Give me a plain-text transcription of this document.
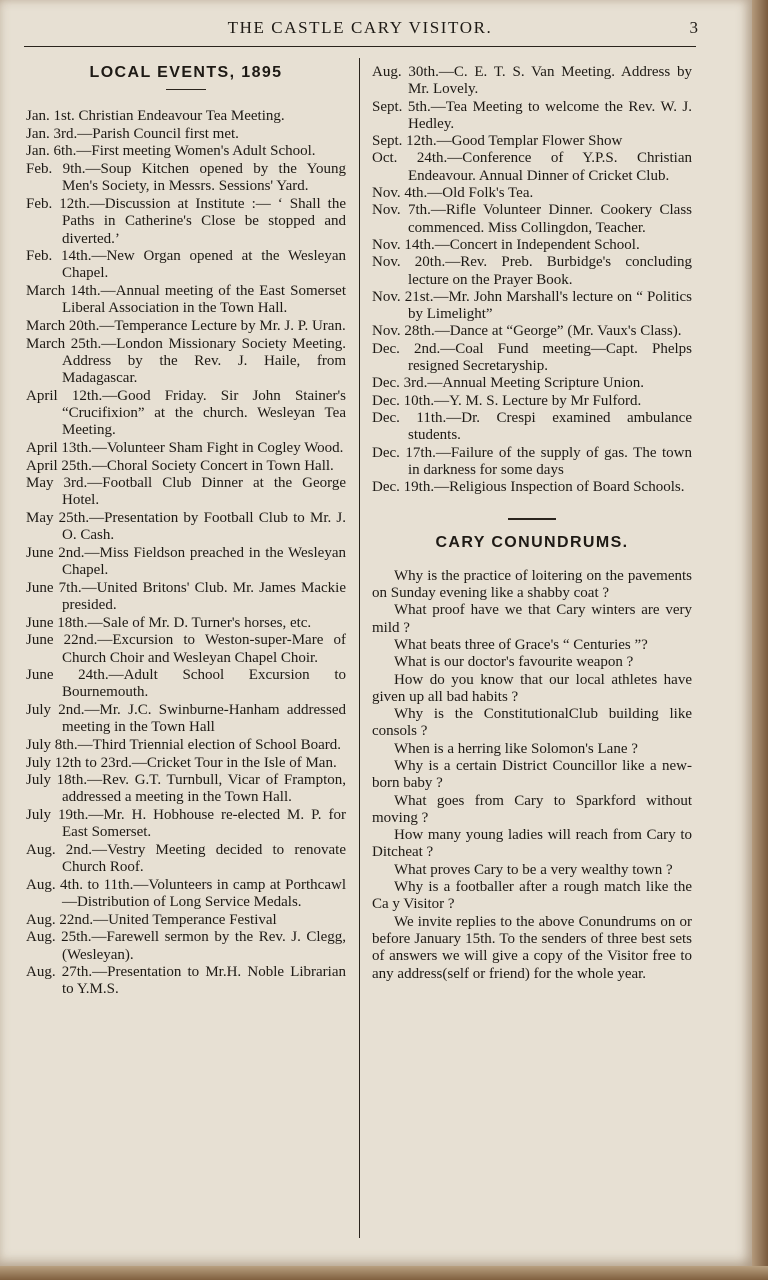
THE CASTLE CARY VISITOR.	3
LOCAL EVENTS, 1895

Jan. 1st. Christian Endeavour Tea Meeting.

Jan. 3rd.—Parish Council first met.

Jan. 6th.—First meeting Women's Adult School.

Feb. 9th.—Soup Kitchen opened by the Young Men's Society, in Messrs. Sessions' Yard.

Feb. 12th.—Discussion at Institute :— ‘ Shall the Paths in Catherine's Close be stopped and diverted.’

Feb. 14th.—New Organ opened at the Wesleyan Chapel.

March 14th.—Annual meeting of the East Somerset Liberal Association in the Town Hall.

March 20th.—Temperance Lecture by Mr. J. P. Uran.

March 25th.—London Missionary Society Meeting. Address by the Rev. J. Haile, from Madagascar.

April 12th.—Good Friday. Sir John Stainer's “Crucifixion” at the church. Wesleyan Tea Meeting.

April 13th.—Volunteer Sham Fight in Cogley Wood.

April 25th.—Choral Society Concert in Town Hall.

May 3rd.—Football Club Dinner at the George Hotel.

May 25th.—Presentation by Football Club to Mr. J. O. Cash.

June 2nd.—Miss Fieldson preached in the Wesleyan Chapel.

June 7th.—United Britons' Club. Mr. James Mackie presided.

June 18th.—Sale of Mr. D. Turner's horses, etc.

June 22nd.—Excursion to Weston-super-Mare of Church Choir and Wesleyan Chapel Choir.

June 24th.—Adult School Excursion to Bournemouth.

July 2nd.—Mr. J.C. Swinburne-Hanham addressed meeting in the Town Hall

July 8th.—Third Triennial election of School Board.

July 12th to 23rd.—Cricket Tour in the Isle of Man.

July 18th.—Rev. G.T. Turnbull, Vicar of Frampton, addressed a meeting in the Town Hall.

July 19th.—Mr. H. Hobhouse re-elected M. P. for East Somerset.

Aug. 2nd.—Vestry Meeting decided to renovate Church Roof.

Aug. 4th. to 11th.—Volunteers in camp at Porthcawl—Distribution of Long Service Medals.

Aug. 22nd.—United Temperance Festival

Aug. 25th.—Farewell sermon by the Rev. J. Clegg, (Wesleyan).

Aug. 27th.—Presentation to Mr.H. Noble Librarian to Y.M.S.

Aug. 30th.—C. E. T. S. Van Meeting. Address by Mr. Lovely.

Sept. 5th.—Tea Meeting to welcome the Rev. W. J. Hedley.

Sept. 12th.—Good Templar Flower Show

Oct. 24th.—Conference of Y.P.S. Christian Endeavour. Annual Dinner of Cricket Club.

Nov. 4th.—Old Folk's Tea.

Nov. 7th.—Rifle Volunteer Dinner. Cookery Class commenced. Miss Collingdon, Teacher.

Nov. 14th.—Concert in Independent School.

Nov. 20th.—Rev. Preb. Burbidge's concluding lecture on the Prayer Book.

Nov. 21st.—Mr. John Marshall's lecture on “ Politics by Limelight”

Nov. 28th.—Dance at “George” (Mr. Vaux's Class).

Dec. 2nd.—Coal Fund meeting—Capt. Phelps resigned Secretaryship.

Dec. 3rd.—Annual Meeting Scripture Union.

Dec. 10th.—Y. M. S. Lecture by Mr Fulford.

Dec. 11th.—Dr. Crespi examined ambulance students.

Dec. 17th.—Failure of the supply of gas. The town in darkness for some days

Dec. 19th.—Religious Inspection of Board Schools.

CARY CONUNDRUMS.

Why is the practice of loitering on the pavements on Sunday evening like a shabby coat ?

What proof have we that Cary winters are very mild ?

What beats three of Grace's “ Centuries ”?

What is our doctor's favourite weapon ?

How do you know that our local athletes have given up all bad habits ?

Why is the ConstitutionalClub building like consols ?

When is a herring like Solomon's Lane ?

Why is a certain District Councillor like a new-born baby ?

What goes from Cary to Sparkford without moving ?

How many young ladies will reach from Cary to Ditcheat ?

What proves Cary to be a very wealthy town ?

Why is a footballer after a rough match like the Ca y Visitor ?

We invite replies to the above Conundrums on or before January 15th. To the senders of three best sets of answers we will give a copy of the Visitor free to any address(self or friend) for the whole year.
